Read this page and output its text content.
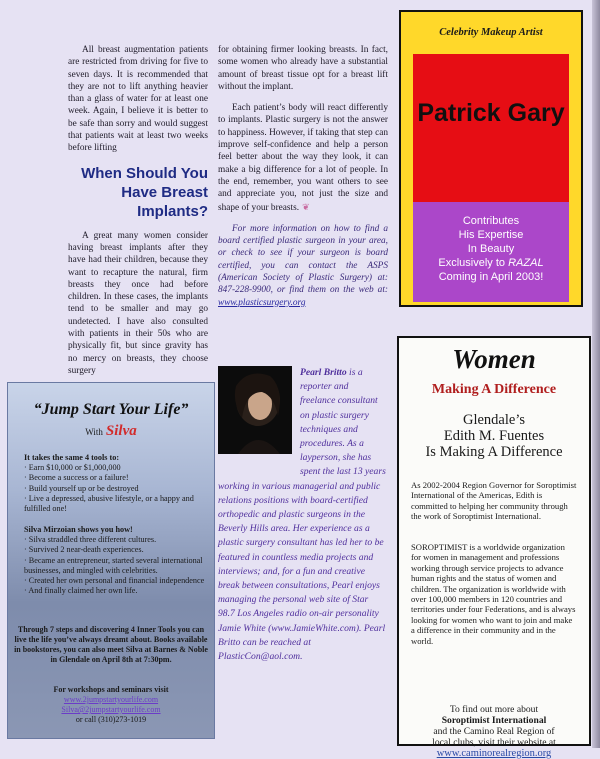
All breast augmentation patients are restricted from driving for five to seven days. It is recommended that they are not to lift anything heavier than a glass of water for at least one week. Again, I believe it is better to be safe than sorry and would suggest that patients wait at least two weeks before lifting

When Should You Have Breast Implants?

A great many women consider having breast implants after they have had their children, because they want to recapture the natural, firm breasts they once had before children. In these cases, the implants tend to be smaller and may go undetected. I have also consulted with patients in their 50s who are physically fit, but since gravity has no mercy on breasts, they choose surgery

for obtaining firmer looking breasts. In fact, some women who already have a substantial amount of breast tissue opt for a breast lift without the implant.

Each patient’s body will react differently to implants. Plastic surgery is not the answer to happiness. However, if taking that step can improve self-confidence and help a person feel better about the way they look, it can make a big difference for a lot of people. In the end, remember, you want others to see and appreciate you, not just the size and shape of your breasts. ❦

For more information on how to find a board certified plastic surgeon in your area, or check to see if your surgeon is board certified, you can contact the ASPS (American Society of Plastic Surgery) at: 847-228-9900, or find them on the web at: www.plasticsurgery.org

Celebrity Makeup Artist
Patrick Gary
Contributes
His Expertise
In Beauty
Exclusively to RAZAL
Coming in April 2003!
Pearl Britto is a reporter and freelance consultant on plastic surgery techniques and procedures. As a layperson, she has spent the last 13 years working in various managerial and public relations positions with board-certified orthopedic and plastic surgeons in the Beverly Hills area. Her experience as a plastic surgery consultant has led her to be featured in countless media projects and interviews; and, for a fun and creative break between consultations, Pearl enjoys managing the personal web site of Star 98.7 Los Angeles radio on-air personality Jamie White (www.JamieWhite.com). Pearl Britto can be reached at PlasticCon@aol.com.
“Jump Start Your Life”
With Silva
It takes the same 4 tools to:
· Earn $10,000 or $1,000,000
· Become a success or a failure!
· Build yourself up or be destroyed
· Live a depressed, abusive lifestyle, or a happy and fulfilled one!
Silva Mirzoian shows you how!
· Silva straddled three different cultures.
· Survived 2 near-death experiences.
· Became an entrepreneur, started several international businesses, and mingled with celebrities.
· Created her own personal and financial independence
· And finally claimed her own life.
Through 7 steps and discovering 4 Inner Tools you can live the life you’ve always dreamt about. Books available in bookstores, you can also meet Silva at Barnes & Noble in Glendale on April 8th at 7:30pm.
For workshops and seminars visit
www.2jumpstartyourlife.com
Silva@2jumpstartyourlife.com
or call (310)273-1019
Women
Making A Difference
Glendale’s
Edith M. Fuentes
Is Making A Difference
As 2002-2004 Region Governor for Soroptimist International of the Americas, Edith is committed to helping her community through the work of Soroptimist International.
SOROPTIMIST is a worldwide organization for women in management and professions working through service projects to advance human rights and the status of women and children. The organization is worldwide with over 100,000 members in 120 countries and territories under four Federations, and is always looking for women who want to join and make a difference in their community and in the world.
To find out more about
Soroptimist International
and the Camino Real Region of
local clubs, visit their website at
www.caminorealregion.org
